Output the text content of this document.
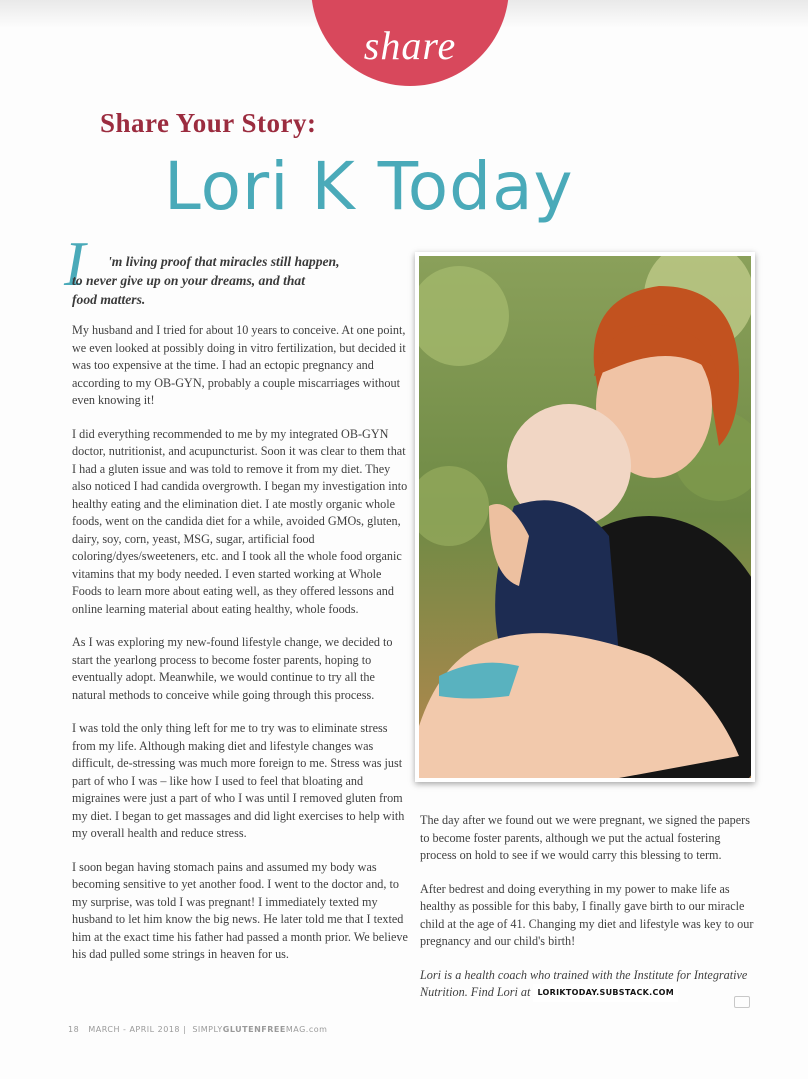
share
Share Your Story:
Lori K Today
I	'm living proof that miracles still happen,
to never give up on your dreams, and that
food matters.

My husband and I tried for about 10 years to conceive. At one point, we even looked at possibly doing in vitro fertilization, but decided it was too expensive at the time. I had an ectopic pregnancy and according to my OB-GYN, probably a couple miscarriages without even knowing it!

I did everything recommended to me by my integrated OB-GYN doctor, nutritionist, and acupuncturist. Soon it was clear to them that I had a gluten issue and was told to remove it from my diet. They also noticed I had candida overgrowth. I began my investigation into healthy eating and the elimination diet. I ate mostly organic whole foods, went on the candida diet for a while, avoided GMOs, gluten, dairy, soy, corn, yeast, MSG, sugar, artificial food coloring/dyes/sweeteners, etc. and I took all the whole food organic vitamins that my body needed. I even started working at Whole Foods to learn more about eating well, as they offered lessons and online learning material about eating healthy, whole foods.

As I was exploring my new-found lifestyle change, we decided to start the yearlong process to become foster parents, hoping to eventually adopt. Meanwhile, we would continue to try all the natural methods to conceive while going through this process.

I was told the only thing left for me to try was to eliminate stress from my life. Although making diet and lifestyle changes was difficult, de-stressing was much more foreign to me. Stress was just part of who I was – like how I used to feel that bloating and migraines were just a part of who I was until I removed gluten from my diet. I began to get massages and did light exercises to help with my overall health and reduce stress.

I soon began having stomach pains and assumed my body was becoming sensitive to yet another food. I went to the doctor and, to my surprise, was told I was pregnant! I immediately texted my husband to let him know the big news. He later told me that I texted him at the exact time his father had passed a month prior. We believe his dad pulled some strings in heaven for us.

The day after we found out we were pregnant, we signed the papers to become foster parents, although we put the actual fostering process on hold to see if we would carry this blessing to term.

After bedrest and doing everything in my power to make life as healthy as possible for this baby, I finally gave birth to our miracle child at the age of 41. Changing my diet and lifestyle was key to our pregnancy and our child's birth!

Lori is a health coach who trained with the Institute for Integrative Nutrition. Find Lori at LORIKTODAY.SUBSTACK.COM

18 MARCH - APRIL 2018 |  SIMPLYGLUTENFREEMAG.com
